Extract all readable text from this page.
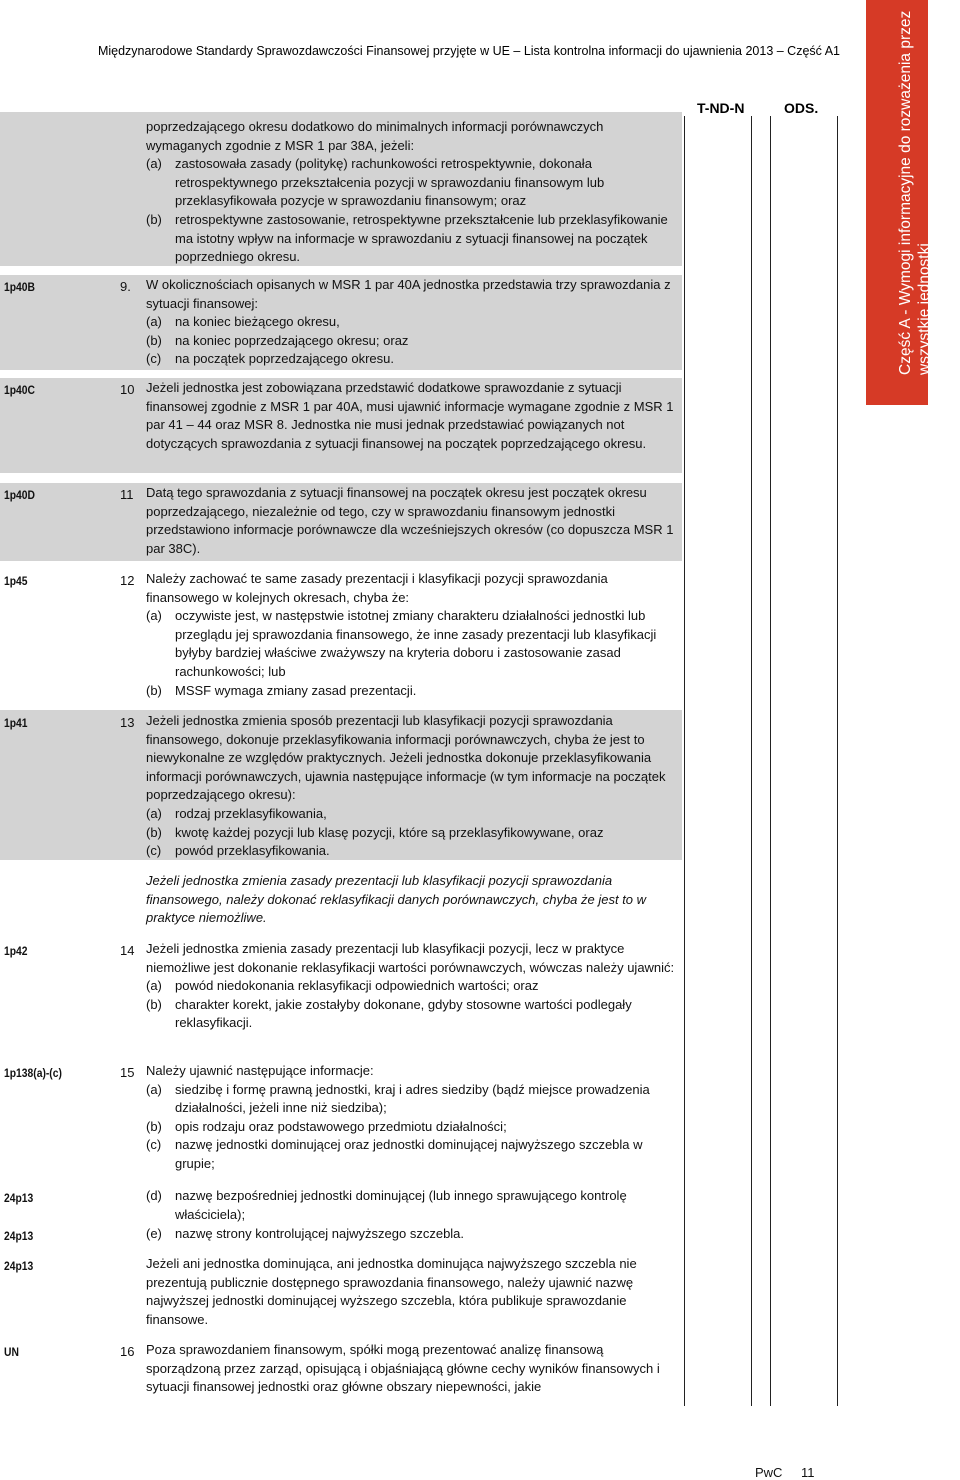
Międzynarodowe Standardy Sprawozdawczości Finansowej przyjęte w UE – Lista kontrolna informacji do ujawnienia 2013 – Część A1	Część A - Wymogi informacyjne do rozważenia przez wszystkie jednostki
T-ND-N	ODS.
poprzedzającego okresu dodatkowo do minimalnych informacji porównawczych wymaganych zgodnie z MSR 1 par 38A, jeżeli:
(a) zastosowała zasady (politykę) rachunkowości retrospektywnie, dokonała retrospektywnego przekształcenia pozycji w sprawozdaniu finansowym lub przeklasyfikowała pozycje w sprawozdaniu finansowym; oraz
(b) retrospektywne zastosowanie, retrospektywne przekształcenie lub przeklasyfikowanie ma istotny wpływ na informacje w sprawozdaniu z sytuacji finansowej na początek poprzedniego okresu.
1p40B	9. W okolicznościach opisanych w MSR 1 par 40A jednostka przedstawia trzy sprawozdania z sytuacji finansowej:
(a) na koniec bieżącego okresu,
(b) na koniec poprzedzającego okresu; oraz
(c) na początek poprzedzającego okresu.
1p40C	10 Jeżeli jednostka jest zobowiązana przedstawić dodatkowe sprawozdanie z sytuacji finansowej zgodnie z MSR 1 par 40A, musi ujawnić informacje wymagane zgodnie z MSR 1 par 41 – 44 oraz MSR 8. Jednostka nie musi jednak przedstawiać powiązanych not dotyczących sprawozdania z sytuacji finansowej na początek poprzedzającego okresu.
1p40D	11 Datą tego sprawozdania z sytuacji finansowej na początek okresu jest początek okresu poprzedzającego, niezależnie od tego, czy w sprawozdaniu finansowym jednostki przedstawiono informacje porównawcze dla wcześniejszych okresów (co dopuszcza MSR 1 par 38C).
1p45	12 Należy zachować te same zasady prezentacji i klasyfikacji pozycji sprawozdania finansowego w kolejnych okresach, chyba że:
(a) oczywiste jest, w następstwie istotnej zmiany charakteru działalności jednostki lub przeglądu jej sprawozdania finansowego, że inne zasady prezentacji lub klasyfikacji byłyby bardziej właściwe zważywszy na kryteria doboru i zastosowanie zasad rachunkowości; lub
(b) MSSF wymaga zmiany zasad prezentacji.
1p41	13 Jeżeli jednostka zmienia sposób prezentacji lub klasyfikacji pozycji sprawozdania finansowego, dokonuje przeklasyfikowania informacji porównawczych, chyba że jest to niewykonalne ze względów praktycznych. Jeżeli jednostka dokonuje przeklasyfikowania informacji porównawczych, ujawnia następujące informacje (w tym informacje na początek poprzedzającego okresu):
(a) rodzaj przeklasyfikowania,
(b) kwotę każdej pozycji lub klasę pozycji, które są przeklasyfikowywane, oraz
(c) powód przeklasyfikowania.
Jeżeli jednostka zmienia zasady prezentacji lub klasyfikacji pozycji sprawozdania finansowego, należy dokonać reklasyfikacji danych porównawczych, chyba że jest to w praktyce niemożliwe.
1p42	14 Jeżeli jednostka zmienia zasady prezentacji lub klasyfikacji pozycji, lecz w praktyce niemożliwe jest dokonanie reklasyfikacji wartości porównawczych, wówczas należy ujawnić:
(a) powód niedokonania reklasyfikacji odpowiednich wartości; oraz
(b) charakter korekt, jakie zostałyby dokonane, gdyby stosowne wartości podlegały reklasyfikacji.
1p138(a)-(c)	15 Należy ujawnić następujące informacje:
(a) siedzibę i formę prawną jednostki, kraj i adres siedziby (bądź miejsce prowadzenia działalności, jeżeli inne niż siedziba);
(b) opis rodzaju oraz podstawowego przedmiotu działalności;
(c) nazwę jednostki dominującej oraz jednostki dominującej najwyższego szczebla w grupie;
24p13	(d) nazwę bezpośredniej jednostki dominującej (lub innego sprawującego kontrolę właściciela);
24p13	(e) nazwę strony kontrolującej najwyższego szczebla.
24p13	Jeżeli ani jednostka dominująca, ani jednostka dominująca najwyższego szczebla nie prezentują publicznie dostępnego sprawozdania finansowego, należy ujawnić nazwę najwyższej jednostki dominującej wyższego szczebla, która publikuje sprawozdanie finansowe.
UN	16 Poza sprawozdaniem finansowym, spółki mogą prezentować analizę finansową sporządzoną przez zarząd, opisującą i objaśniającą główne cechy wyników finansowych i sytuacji finansowej jednostki oraz główne obszary niepewności, jakie
PwC 11
